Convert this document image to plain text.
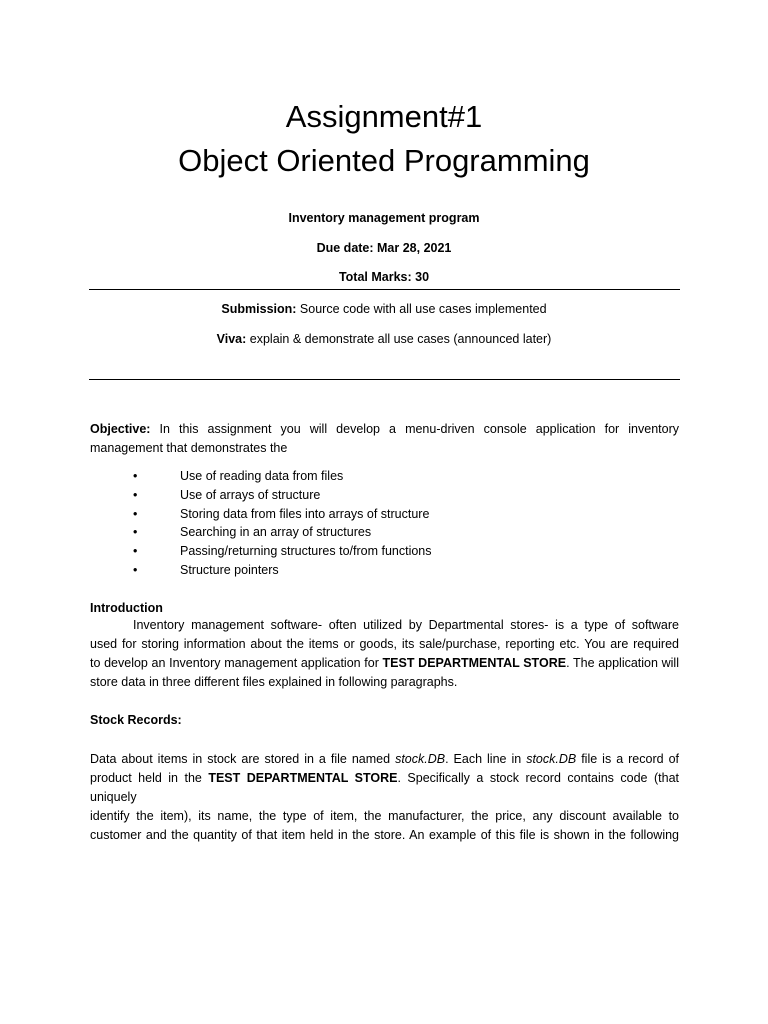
Assignment#1
Object Oriented Programming
Inventory management program
Due date: Mar 28, 2021
Total Marks: 30
Submission: Source code with all use cases implemented
Viva: explain & demonstrate all use cases (announced later)
Objective: In this assignment you will develop a menu-driven console application for inventory
management that demonstrates the
•	Use of reading data from files
•	Use of arrays of structure
•	Storing data from files into arrays of structure
•	Searching in an array of structures
•	Passing/returning structures to/from functions
•	Structure pointers
Introduction
Inventory management software- often utilized by Departmental stores- is a type of software
used for storing information about the items or goods, its sale/purchase, reporting etc. You are required
to develop an Inventory management application for TEST DEPARTMENTAL STORE. The application will
store data in three different files explained in following paragraphs.
Stock Records:
Data about items in stock are stored in a file named stock.DB. Each line in stock.DB file is a record of
product held in the TEST DEPARTMENTAL STORE. Specifically a stock record contains code (that uniquely
identify the item), its name, the type of item, the manufacturer, the price, any discount available to
customer and the quantity of that item held in the store. An example of this file is shown in the following
